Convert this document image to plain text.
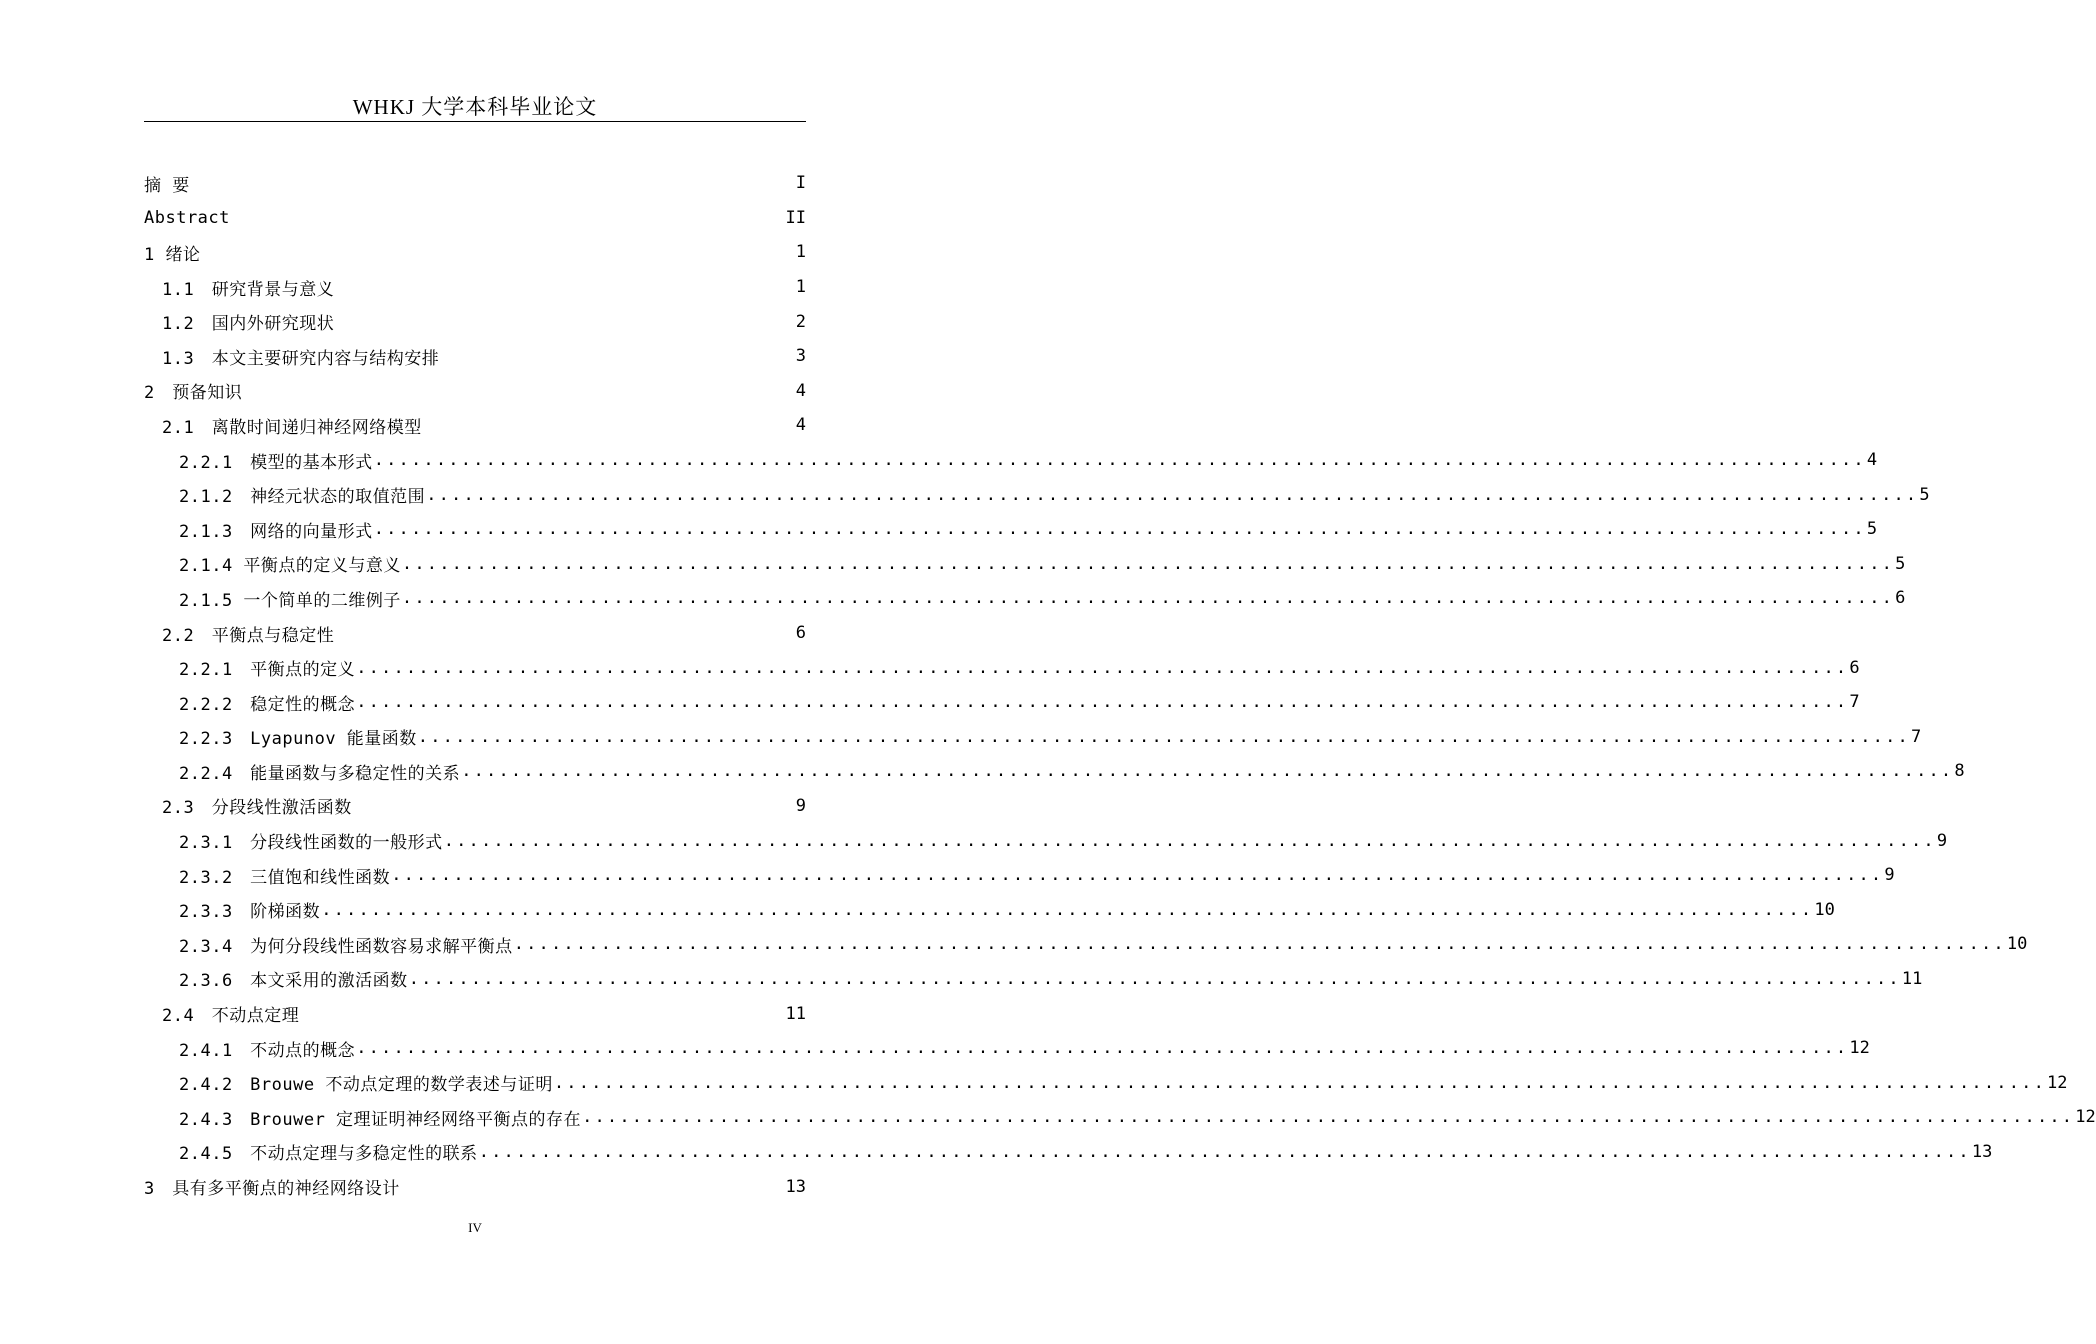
WHKJ 大学本科毕业论文
摘 要	I
Abstract	II
1 绪论	1
1.1　研究背景与意义	1
1.2　国内外研究现状	2
1.3　本文主要研究内容与结构安排	3
2　预备知识	4
2.1　离散时间递归神经网络模型	4
2.2.1　模型的基本形式 ........................................................................................................................ 4
2.1.2　神经元状态的取值范围 ........................................................................................................................ 5
2.1.3　网络的向量形式 ........................................................................................................................ 5
2.1.4 平衡点的定义与意义 ........................................................................................................................ 5
2.1.5 一个简单的二维例子 ........................................................................................................................ 6
2.2　平衡点与稳定性	6
2.2.1　平衡点的定义 ........................................................................................................................ 6
2.2.2　稳定性的概念 ........................................................................................................................ 7
2.2.3　Lyapunov 能量函数 ........................................................................................................................ 7
2.2.4　能量函数与多稳定性的关系 ........................................................................................................................ 8
2.3　分段线性激活函数	9
2.3.1　分段线性函数的一般形式 ........................................................................................................................ 9
2.3.2　三值饱和线性函数 ........................................................................................................................ 9
2.3.3　阶梯函数 ........................................................................................................................ 10
2.3.4　为何分段线性函数容易求解平衡点 ........................................................................................................................ 10
2.3.6　本文采用的激活函数 ........................................................................................................................ 11
2.4　不动点定理	11
2.4.1　不动点的概念 ........................................................................................................................ 12
2.4.2　Brouwe 不动点定理的数学表述与证明 ........................................................................................................................ 12
2.4.3　Brouwer 定理证明神经网络平衡点的存在 ........................................................................................................................ 12
2.4.5　不动点定理与多稳定性的联系 ........................................................................................................................ 13
3　具有多平衡点的神经网络设计	13
IV
